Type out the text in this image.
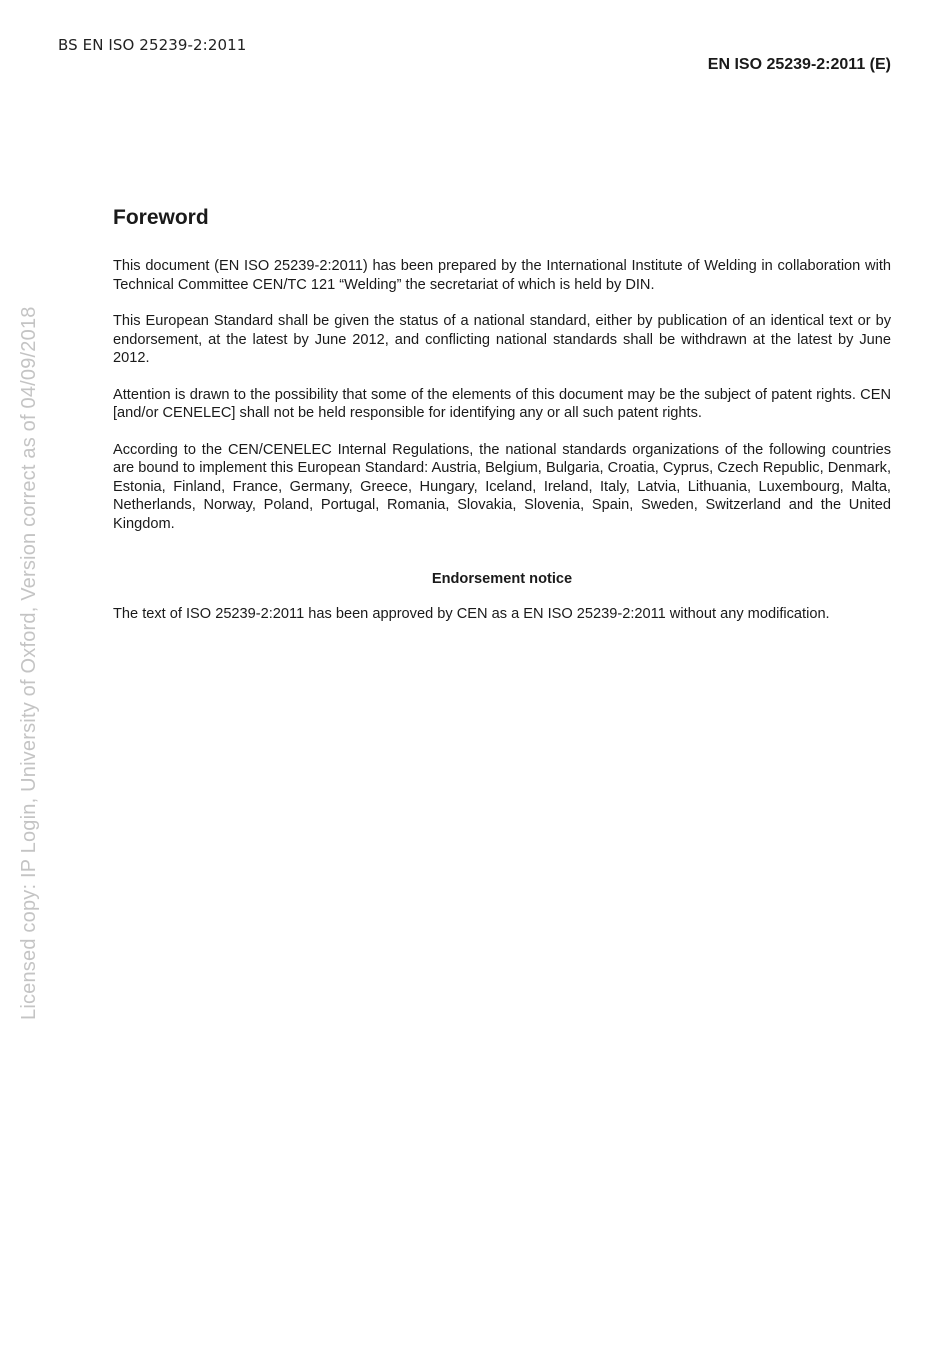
BS EN ISO 25239-2:2011
EN ISO 25239-2:2011 (E)
Licensed copy: IP Login, University of Oxford, Version correct as of 04/09/2018
Foreword

This document (EN ISO 25239-2:2011) has been prepared by the International Institute of Welding in collaboration with Technical Committee CEN/TC 121 “Welding” the secretariat of which is held by DIN.

This European Standard shall be given the status of a national standard, either by publication of an identical text or by endorsement, at the latest by June 2012, and conflicting national standards shall be withdrawn at the latest by June 2012.

Attention is drawn to the possibility that some of the elements of this document may be the subject of patent rights. CEN [and/or CENELEC] shall not be held responsible for identifying any or all such patent rights.

According to the CEN/CENELEC Internal Regulations, the national standards organizations of the following countries are bound to implement this European Standard: Austria, Belgium, Bulgaria, Croatia, Cyprus, Czech Republic, Denmark, Estonia, Finland, France, Germany, Greece, Hungary, Iceland, Ireland, Italy, Latvia, Lithuania, Luxembourg, Malta, Netherlands, Norway, Poland, Portugal, Romania, Slovakia, Slovenia, Spain, Sweden, Switzerland and the United Kingdom.

Endorsement notice

The text of ISO 25239-2:2011 has been approved by CEN as a EN ISO 25239-2:2011 without any modification.
